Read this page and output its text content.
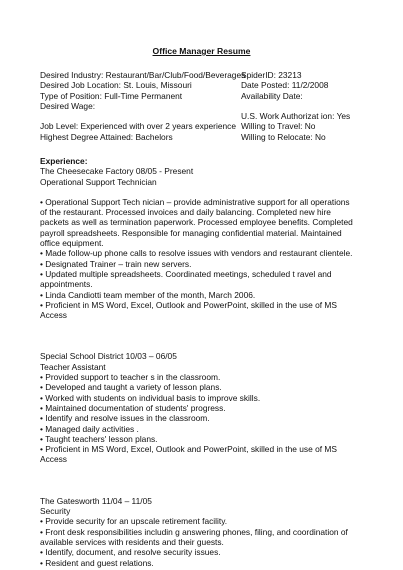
Office Manager Resume
Desired Industry: Restaurant/Bar/Club/Food/Beverages
Desired Job Location: St. Louis, Missouri
Type of Position: Full-Time Permanent
Desired Wage:
Job Level: Experienced with over 2 years experience
Highest Degree Attained: Bachelors
SpiderID: 23213
Date Posted: 11/2/2008
Availability Date:
U.S. Work Authorizat ion: Yes
Willing to Travel: No
Willing to Relocate: No
Experience:
The Cheesecake Factory 08/05 - Present
Operational Support Technician
• Operational Support Tech nician – provide administrative support for all operations
of the restaurant. Processed invoices and daily balancing. Completed new hire
packets as well as termination paperwork. Processed employee benefits. Completed
payroll spreadsheets. Responsible for managing confidential material. Maintained
office equipment.
• Made follow-up phone calls to resolve issues with vendors and restaurant clientele.
• Designated Trainer – train new servers.
• Updated multiple spreadsheets. Coordinated meetings, scheduled t ravel and
appointments.
• Linda Candiotti team member of the month, March 2006.
• Proficient in MS Word, Excel, Outlook and PowerPoint, skilled in the use of MS
Access
Special School District 10/03 – 06/05
Teacher Assistant
• Provided support to teacher s in the classroom.
• Developed and taught a variety of lesson plans.
• Worked with students on individual basis to improve skills.
• Maintained documentation of students' progress.
• Identify and resolve issues in the classroom.
• Managed daily activities .
• Taught teachers' lesson plans.
• Proficient in MS Word, Excel, Outlook and PowerPoint, skilled in the use of MS
Access
The Gatesworth 11/04 – 11/05
Security
• Provide security for an upscale retirement facility.
• Front desk responsibilities includin g answering phones, filing, and coordination of
available services with residents and their guests.
• Identify, document, and resolve security issues.
• Resident and guest relations.
